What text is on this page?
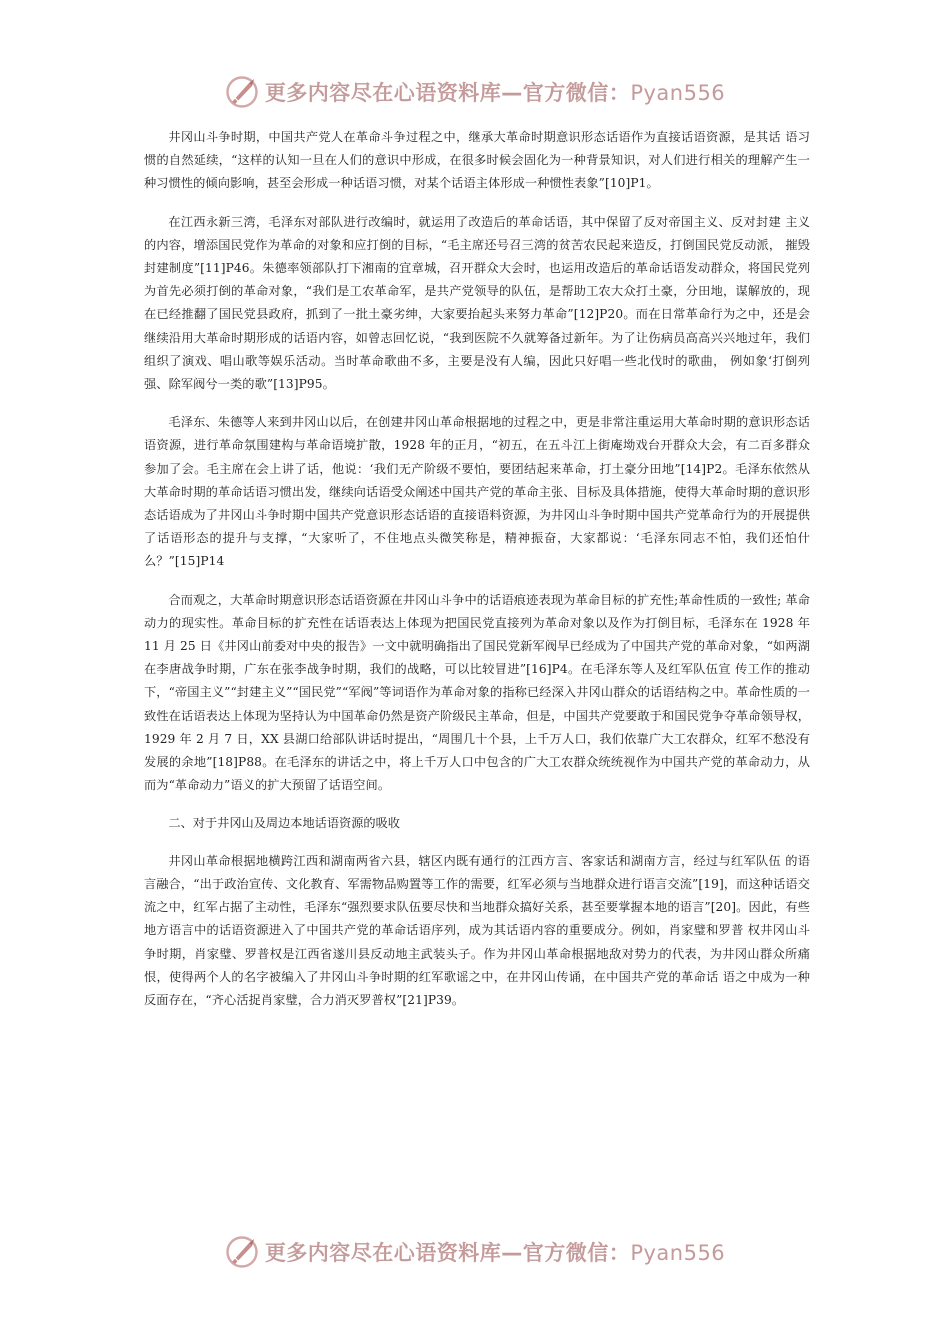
更多内容尽在心语资料库—官方微信：Pyan556

井冈山斗争时期，中国共产党人在革命斗争过程之中，继承大革命时期意识形态话语作为直接话语资源，是其话 语习惯的自然延续，“这样的认知一旦在人们的意识中形成，在很多时候会固化为一种背景知识，对人们进行相关的理解产生一种习惯性的倾向影响，甚至会形成一种话语习惯，对某个话语主体形成一种惯性表象”[10]P1。

在江西永新三湾，毛泽东对部队进行改编时，就运用了改造后的革命话语，其中保留了反对帝国主义、反对封建 主义的内容，增添国民党作为革命的对象和应打倒的目标，“毛主席还号召三湾的贫苦农民起来造反，打倒国民党反动派， 摧毁封建制度”[11]P46。朱德率领部队打下湘南的宜章城，召开群众大会时，也运用改造后的革命话语发动群众，将国民党列为首先必须打倒的革命对象，“我们是工农革命军，是共产党领导的队伍，是帮助工农大众打土豪，分田地，谋解放的，现在已经推翻了国民党县政府，抓到了一批土豪劣绅，大家要抬起头来努力革命”[12]P20。而在日常革命行为之中，还是会继续沿用大革命时期形成的话语内容，如曾志回忆说，“我到医院不久就筹备过新年。为了让伤病员高高兴兴地过年，我们组织了演戏、唱山歌等娱乐活动。当时革命歌曲不多，主要是没有人编，因此只好唱一些北伐时的歌曲， 例如象‘打倒列强、除军阀兮一类的歌”[13]P95。

毛泽东、朱德等人来到井冈山以后，在创建井冈山革命根据地的过程之中，更是非常注重运用大革命时期的意识形态话语资源，进行革命氛围建构与革命语境扩散，1928 年的正月，“初五，在五斗江上街庵坳戏台开群众大会，有二百多群众参加了会。毛主席在会上讲了话，他说：‘我们无产阶级不要怕，要团结起来革命，打土豪分田地”[14]P2。毛泽东依然从大革命时期的革命话语习惯出发，继续向话语受众阐述中国共产党的革命主张、目标及具体措施，使得大革命时期的意识形态话语成为了井冈山斗争时期中国共产党意识形态话语的直接语料资源，为井冈山斗争时期中国共产党革命行为的开展提供了话语形态的提升与支撑，“大家听了，不住地点头微笑称是，精神振奋，大家都说：‘毛泽东同志不怕，我们还怕什么？”[15]P14

合而观之，大革命时期意识形态话语资源在井冈山斗争中的话语痕迹表现为革命目标的扩充性;革命性质的一致性; 革命动力的现实性。革命目标的扩充性在话语表达上体现为把国民党直接列为革命对象以及作为打倒目标，毛泽东在 1928 年11 月 25 日《井冈山前委对中央的报告》一文中就明确指出了国民党新军阀早已经成为了中国共产党的革命对象，“如两湖在李唐战争时期，广东在张李战争时期，我们的战略，可以比较冒进”[16]P4。在毛泽东等人及红军队伍宣 传工作的推动下，“帝国主义”“封建主义”“国民党”“军阀”等词语作为革命对象的指称已经深入井冈山群众的话语结构之中。革命性质的一致性在话语表达上体现为坚持认为中国革命仍然是资产阶级民主革命，但是，中国共产党要敢于和国民党争夺革命领导权，1929 年 2 月 7 日，XX 县湖口给部队讲话时提出，“周围几十个县，上千万人口，我们依靠广大工农群众，红军不愁没有发展的余地”[18]P88。在毛泽东的讲话之中，将上千万人口中包含的广大工农群众统统视作为中国共产党的革命动力，从而为“革命动力”语义的扩大预留了话语空间。

二、对于井冈山及周边本地话语资源的吸收

井冈山革命根据地横跨江西和湖南两省六县，辖区内既有通行的江西方言、客家话和湖南方言，经过与红军队伍 的语言融合，“出于政治宣传、文化教育、军需物品购置等工作的需要，红军必须与当地群众进行语言交流”[19]，而这种话语交流之中，红军占据了主动性，毛泽东“强烈要求队伍要尽快和当地群众搞好关系，甚至要掌握本地的语言”[20]。因此，有些地方语言中的话语资源进入了中国共产党的革命话语序列，成为其话语内容的重要成分。例如，肖家璧和罗普 权井冈山斗争时期，肖家璧、罗普权是江西省遂川县反动地主武装头子。作为井冈山革命根据地敌对势力的代表，为井冈山群众所痛恨，使得两个人的名字被编入了井冈山斗争时期的红军歌谣之中，在井冈山传诵，在中国共产党的革命话 语之中成为一种反面存在，“齐心活捉肖家璧，合力消灭罗普权”[21]P39。

更多内容尽在心语资料库—官方微信：Pyan556
